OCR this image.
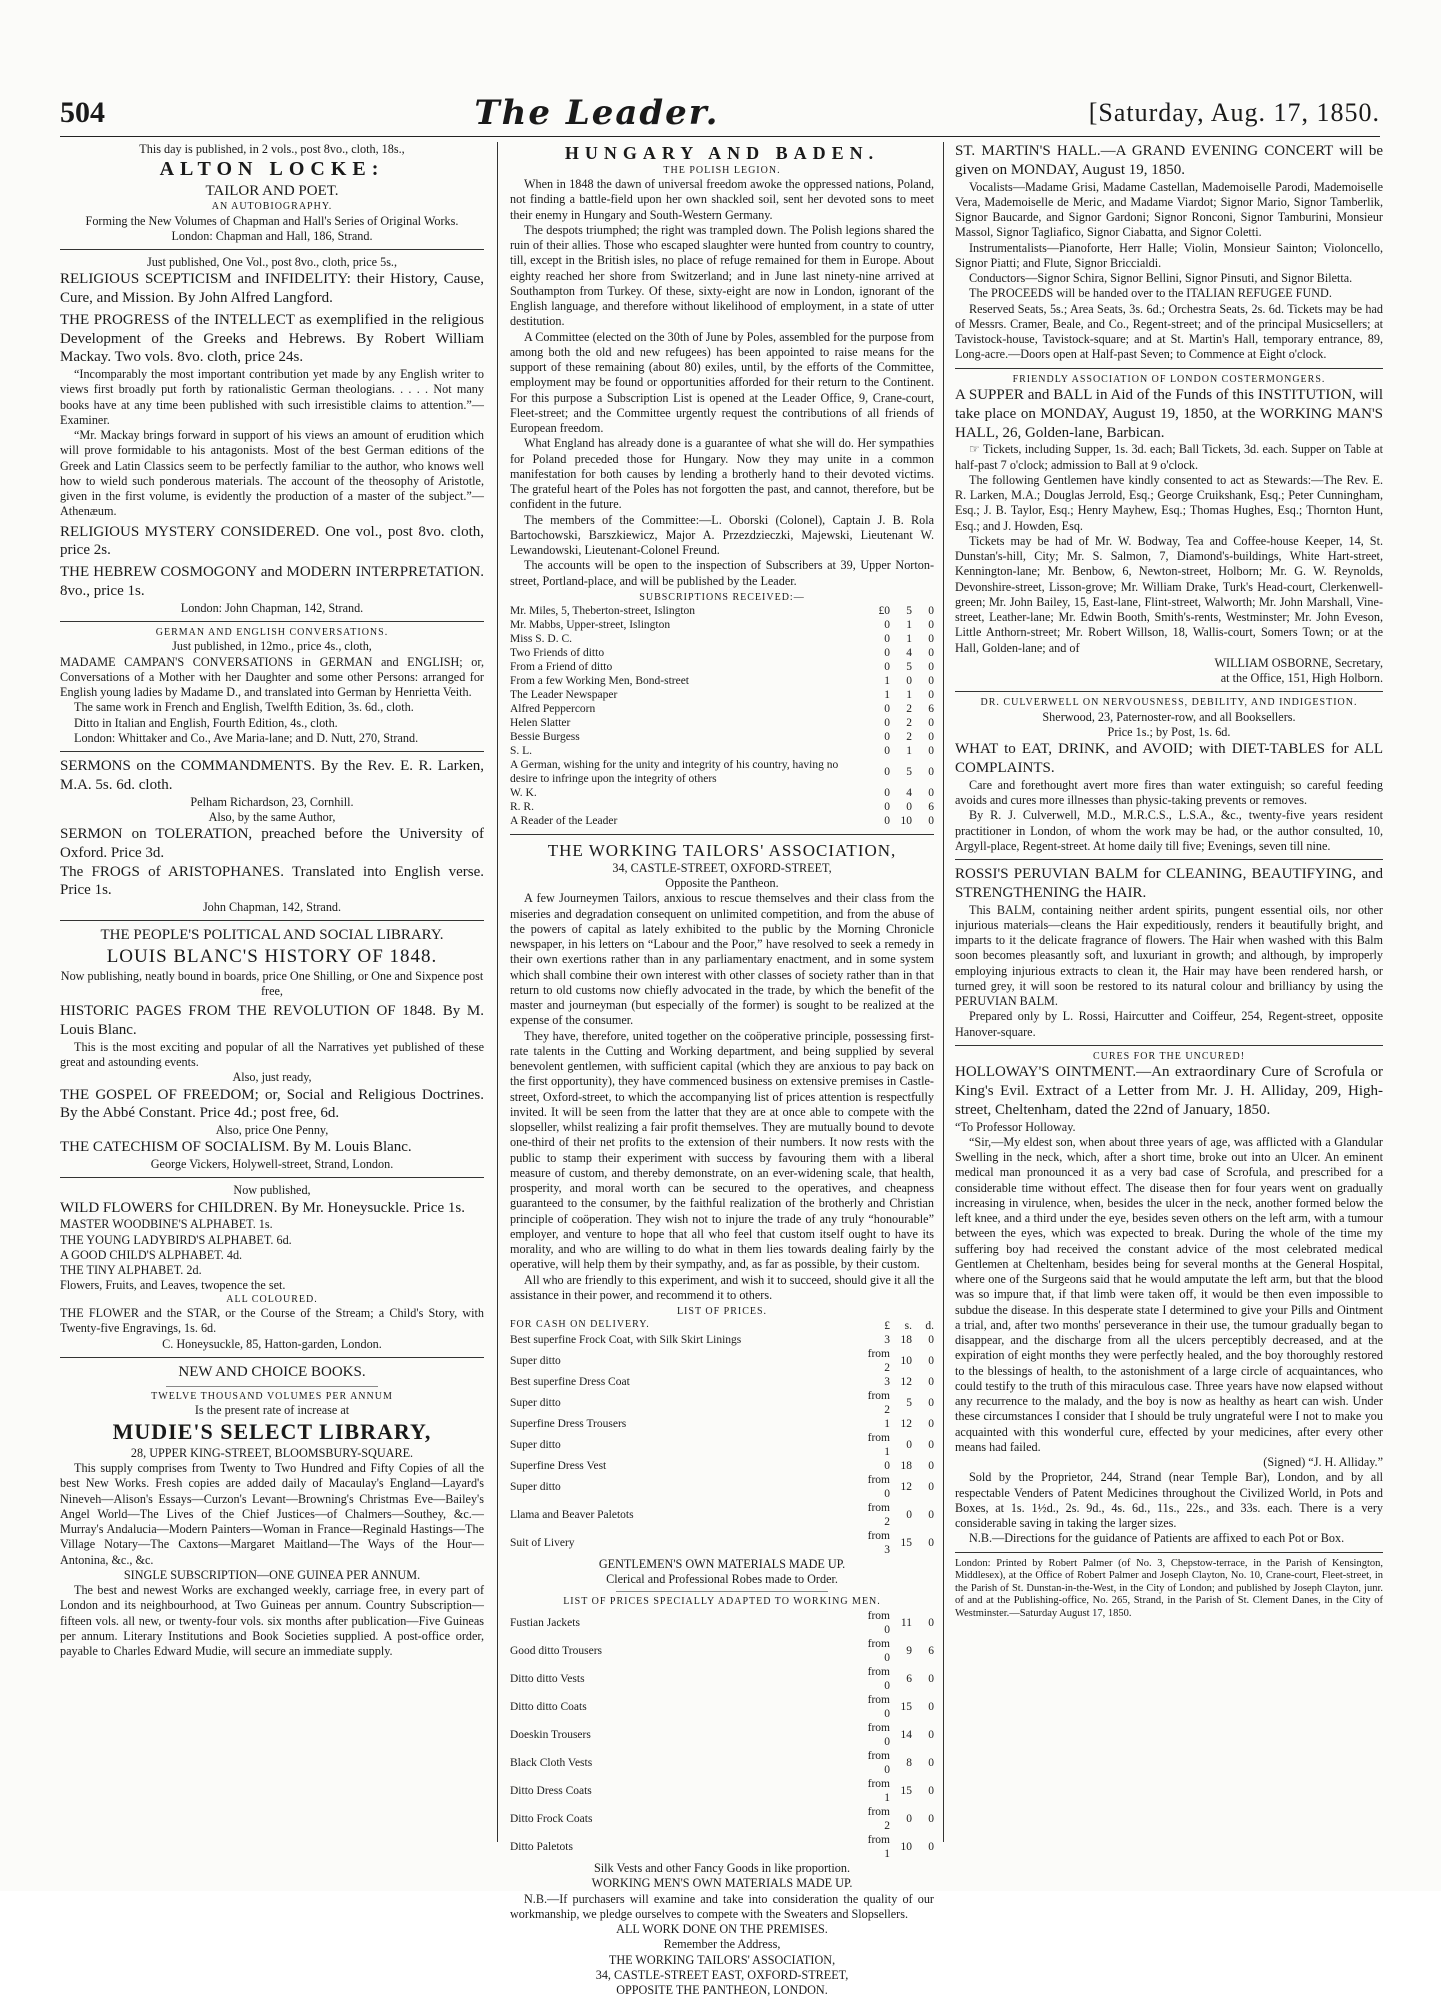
504	The Leader.	[Saturday, Aug. 17, 1850.

This day is published, in 2 vols., post 8vo., cloth, 18s.,

ALTON LOCKE:

TAILOR AND POET.

AN AUTOBIOGRAPHY.

Forming the New Volumes of Chapman and Hall's Series of Original Works.

London: Chapman and Hall, 186, Strand.

Just published, One Vol., post 8vo., cloth, price 5s.,

RELIGIOUS SCEPTICISM and INFIDELITY: their History, Cause, Cure, and Mission. By John Alfred Langford.

THE PROGRESS of the INTELLECT as exemplified in the religious Development of the Greeks and Hebrews. By Robert William Mackay. Two vols. 8vo. cloth, price 24s.

“Incomparably the most important contribution yet made by any English writer to views first broadly put forth by rationalistic German theologians. . . . . Not many books have at any time been published with such irresistible claims to attention.”—Examiner.

“Mr. Mackay brings forward in support of his views an amount of erudition which will prove formidable to his antagonists. Most of the best German editions of the Greek and Latin Classics seem to be perfectly familiar to the author, who knows well how to wield such ponderous materials. The account of the theosophy of Aristotle, given in the first volume, is evidently the production of a master of the subject.”—Athenæum.

RELIGIOUS MYSTERY CONSIDERED. One vol., post 8vo. cloth, price 2s.

THE HEBREW COSMOGONY and MODERN INTERPRETATION. 8vo., price 1s.

London: John Chapman, 142, Strand.

GERMAN AND ENGLISH CONVERSATIONS.

Just published, in 12mo., price 4s., cloth,

MADAME CAMPAN'S CONVERSATIONS in GERMAN and ENGLISH; or, Conversations of a Mother with her Daughter and some other Persons: arranged for English young ladies by Madame D., and translated into German by Henrietta Veith.

The same work in French and English, Twelfth Edition, 3s. 6d., cloth.

Ditto in Italian and English, Fourth Edition, 4s., cloth.

London: Whittaker and Co., Ave Maria-lane; and D. Nutt, 270, Strand.

SERMONS on the COMMANDMENTS. By the Rev. E. R. Larken, M.A. 5s. 6d. cloth.

Pelham Richardson, 23, Cornhill.

Also, by the same Author,

SERMON on TOLERATION, preached before the University of Oxford. Price 3d.

The FROGS of ARISTOPHANES. Translated into English verse. Price 1s.

John Chapman, 142, Strand.

THE PEOPLE'S POLITICAL AND SOCIAL LIBRARY.

LOUIS BLANC'S HISTORY OF 1848.

Now publishing, neatly bound in boards, price One Shilling, or One and Sixpence post free,

HISTORIC PAGES FROM THE REVOLUTION OF 1848. By M. Louis Blanc.

This is the most exciting and popular of all the Narratives yet published of these great and astounding events.

Also, just ready,

THE GOSPEL OF FREEDOM; or, Social and Religious Doctrines. By the Abbé Constant. Price 4d.; post free, 6d.

Also, price One Penny,

THE CATECHISM OF SOCIALISM. By M. Louis Blanc.

George Vickers, Holywell-street, Strand, London.

Now published,

WILD FLOWERS for CHILDREN. By Mr. Honeysuckle. Price 1s.

MASTER WOODBINE'S ALPHABET. 1s.

THE YOUNG LADYBIRD'S ALPHABET. 6d.

A GOOD CHILD'S ALPHABET. 4d.

THE TINY ALPHABET. 2d.

Flowers, Fruits, and Leaves, twopence the set.

ALL COLOURED.

THE FLOWER and the STAR, or the Course of the Stream; a Child's Story, with Twenty-five Engravings, 1s. 6d.

C. Honeysuckle, 85, Hatton-garden, London.

NEW AND CHOICE BOOKS.

TWELVE THOUSAND VOLUMES PER ANNUM

Is the present rate of increase at

MUDIE'S SELECT LIBRARY,

28, UPPER KING-STREET, BLOOMSBURY-SQUARE.

This supply comprises from Twenty to Two Hundred and Fifty Copies of all the best New Works. Fresh copies are added daily of Macaulay's England—Layard's Nineveh—Alison's Essays—Curzon's Levant—Browning's Christmas Eve—Bailey's Angel World—The Lives of the Chief Justices—of Chalmers—Southey, &c.—Murray's Andalucia—Modern Painters—Woman in France—Reginald Hastings—The Village Notary—The Caxtons—Margaret Maitland—The Ways of the Hour—Antonina, &c., &c.

SINGLE SUBSCRIPTION—ONE GUINEA PER ANNUM.

The best and newest Works are exchanged weekly, carriage free, in every part of London and its neighbourhood, at Two Guineas per annum. Country Subscription—fifteen vols. all new, or twenty-four vols. six months after publication—Five Guineas per annum. Literary Institutions and Book Societies supplied. A post-office order, payable to Charles Edward Mudie, will secure an immediate supply.

HUNGARY AND BADEN.

THE POLISH LEGION.

When in 1848 the dawn of universal freedom awoke the oppressed nations, Poland, not finding a battle-field upon her own shackled soil, sent her devoted sons to meet their enemy in Hungary and South-Western Germany.

The despots triumphed; the right was trampled down. The Polish legions shared the ruin of their allies. Those who escaped slaughter were hunted from country to country, till, except in the British isles, no place of refuge remained for them in Europe. About eighty reached her shore from Switzerland; and in June last ninety-nine arrived at Southampton from Turkey. Of these, sixty-eight are now in London, ignorant of the English language, and therefore without likelihood of employment, in a state of utter destitution.

A Committee (elected on the 30th of June by Poles, assembled for the purpose from among both the old and new refugees) has been appointed to raise means for the support of these remaining (about 80) exiles, until, by the efforts of the Committee, employment may be found or opportunities afforded for their return to the Continent. For this purpose a Subscription List is opened at the Leader Office, 9, Crane-court, Fleet-street; and the Committee urgently request the contributions of all friends of European freedom.

What England has already done is a guarantee of what she will do. Her sympathies for Poland preceded those for Hungary. Now they may unite in a common manifestation for both causes by lending a brotherly hand to their devoted victims. The grateful heart of the Poles has not forgotten the past, and cannot, therefore, but be confident in the future.

The members of the Committee:—L. Oborski (Colonel), Captain J. B. Rola Bartochowski, Barszkiewicz, Major A. Przezdzieczki, Majewski, Lieutenant W. Lewandowski, Lieutenant-Colonel Freund.

The accounts will be open to the inspection of Subscribers at 39, Upper Norton-street, Portland-place, and will be published by the Leader.

SUBSCRIPTIONS RECEIVED:—

Mr. Miles, 5, Theberton-street, Islington	£0	5	0
Mr. Mabbs, Upper-street, Islington	0	1	0
Miss S. D. C.	0	1	0
Two Friends of ditto	0	4	0
From a Friend of ditto	0	5	0
From a few Working Men, Bond-street	1	0	0
The Leader Newspaper	1	1	0
Alfred Peppercorn	0	2	6
Helen Slatter	0	2	0
Bessie Burgess	0	2	0
S. L.	0	1	0
A German, wishing for the unity and integrity of his country, having no desire to infringe upon the integrity of others	0	5	0
W. K.	0	4	0
R. R.	0	0	6
A Reader of the Leader	0	10	0

THE WORKING TAILORS' ASSOCIATION,

34, CASTLE-STREET, OXFORD-STREET,

Opposite the Pantheon.

A few Journeymen Tailors, anxious to rescue themselves and their class from the miseries and degradation consequent on unlimited competition, and from the abuse of the powers of capital as lately exhibited to the public by the Morning Chronicle newspaper, in his letters on “Labour and the Poor,” have resolved to seek a remedy in their own exertions rather than in any parliamentary enactment, and in some system which shall combine their own interest with other classes of society rather than in that return to old customs now chiefly advocated in the trade, by which the benefit of the master and journeyman (but especially of the former) is sought to be realized at the expense of the consumer.

They have, therefore, united together on the coöperative principle, possessing first-rate talents in the Cutting and Working department, and being supplied by several benevolent gentlemen, with sufficient capital (which they are anxious to pay back on the first opportunity), they have commenced business on extensive premises in Castle-street, Oxford-street, to which the accompanying list of prices attention is respectfully invited. It will be seen from the latter that they are at once able to compete with the slopseller, whilst realizing a fair profit themselves. They are mutually bound to devote one-third of their net profits to the extension of their numbers. It now rests with the public to stamp their experiment with success by favouring them with a liberal measure of custom, and thereby demonstrate, on an ever-widening scale, that health, prosperity, and moral worth can be secured to the operatives, and cheapness guaranteed to the consumer, by the faithful realization of the brotherly and Christian principle of coöperation. They wish not to injure the trade of any truly “honourable” employer, and venture to hope that all who feel that custom itself ought to have its morality, and who are willing to do what in them lies towards dealing fairly by the operative, will help them by their sympathy, and, as far as possible, by their custom.

All who are friendly to this experiment, and wish it to succeed, should give it all the assistance in their power, and recommend it to others.

LIST OF PRICES.

FOR CASH ON DELIVERY.	£	s.	d.
Best superfine Frock Coat, with Silk Skirt Linings	3	18	0
Super ditto	from 2	10	0
Best superfine Dress Coat	3	12	0
Super ditto	from 2	5	0
Superfine Dress Trousers	1	12	0
Super ditto	from 1	0	0
Superfine Dress Vest	0	18	0
Super ditto	from 0	12	0
Llama and Beaver Paletots	from 2	0	0
Suit of Livery	from 3	15	0

GENTLEMEN'S OWN MATERIALS MADE UP.

Clerical and Professional Robes made to Order.

LIST OF PRICES SPECIALLY ADAPTED TO WORKING MEN.

Fustian Jackets	from 0	11	0
Good ditto Trousers	from 0	9	6
Ditto ditto Vests	from 0	6	0
Ditto ditto Coats	from 0	15	0
Doeskin Trousers	from 0	14	0
Black Cloth Vests	from 0	8	0
Ditto Dress Coats	from 1	15	0
Ditto Frock Coats	from 2	0	0
Ditto Paletots	from 1	10	0

Silk Vests and other Fancy Goods in like proportion.

WORKING MEN'S OWN MATERIALS MADE UP.

N.B.—If purchasers will examine and take into consideration the quality of our workmanship, we pledge ourselves to compete with the Sweaters and Slopsellers.

ALL WORK DONE ON THE PREMISES.

Remember the Address,

THE WORKING TAILORS' ASSOCIATION,

34, CASTLE-STREET EAST, OXFORD-STREET,

OPPOSITE THE PANTHEON, LONDON.

ST. MARTIN'S HALL.—A GRAND EVENING CONCERT will be given on MONDAY, August 19, 1850.

Vocalists—Madame Grisi, Madame Castellan, Mademoiselle Parodi, Mademoiselle Vera, Mademoiselle de Meric, and Madame Viardot; Signor Mario, Signor Tamberlik, Signor Baucarde, and Signor Gardoni; Signor Ronconi, Signor Tamburini, Monsieur Massol, Signor Tagliafico, Signor Ciabatta, and Signor Coletti.

Instrumentalists—Pianoforte, Herr Halle; Violin, Monsieur Sainton; Violoncello, Signor Piatti; and Flute, Signor Briccialdi.

Conductors—Signor Schira, Signor Bellini, Signor Pinsuti, and Signor Biletta.

The PROCEEDS will be handed over to the ITALIAN REFUGEE FUND.

Reserved Seats, 5s.; Area Seats, 3s. 6d.; Orchestra Seats, 2s. 6d. Tickets may be had of Messrs. Cramer, Beale, and Co., Regent-street; and of the principal Musicsellers; at Tavistock-house, Tavistock-square; and at St. Martin's Hall, temporary entrance, 89, Long-acre.—Doors open at Half-past Seven; to Commence at Eight o'clock.

FRIENDLY ASSOCIATION OF LONDON COSTERMONGERS.

A SUPPER and BALL in Aid of the Funds of this INSTITUTION, will take place on MONDAY, August 19, 1850, at the WORKING MAN'S HALL, 26, Golden-lane, Barbican.

☞ Tickets, including Supper, 1s. 3d. each; Ball Tickets, 3d. each. Supper on Table at half-past 7 o'clock; admission to Ball at 9 o'clock.

The following Gentlemen have kindly consented to act as Stewards:—The Rev. E. R. Larken, M.A.; Douglas Jerrold, Esq.; George Cruikshank, Esq.; Peter Cunningham, Esq.; J. B. Taylor, Esq.; Henry Mayhew, Esq.; Thomas Hughes, Esq.; Thornton Hunt, Esq.; and J. Howden, Esq.

Tickets may be had of Mr. W. Bodway, Tea and Coffee-house Keeper, 14, St. Dunstan's-hill, City; Mr. S. Salmon, 7, Diamond's-buildings, White Hart-street, Kennington-lane; Mr. Benbow, 6, Newton-street, Holborn; Mr. G. W. Reynolds, Devonshire-street, Lisson-grove; Mr. William Drake, Turk's Head-court, Clerkenwell-green; Mr. John Bailey, 15, East-lane, Flint-street, Walworth; Mr. John Marshall, Vine-street, Leather-lane; Mr. Edwin Booth, Smith's-rents, Westminster; Mr. John Eveson, Little Anthorn-street; Mr. Robert Willson, 18, Wallis-court, Somers Town; or at the Hall, Golden-lane; and of

WILLIAM OSBORNE, Secretary,

at the Office, 151, High Holborn.

DR. CULVERWELL ON NERVOUSNESS, DEBILITY, AND INDIGESTION.

Sherwood, 23, Paternoster-row, and all Booksellers.

Price 1s.; by Post, 1s. 6d.

WHAT to EAT, DRINK, and AVOID; with DIET-TABLES for ALL COMPLAINTS.

Care and forethought avert more fires than water extinguish; so careful feeding avoids and cures more illnesses than physic-taking prevents or removes.

By R. J. Culverwell, M.D., M.R.C.S., L.S.A., &c., twenty-five years resident practitioner in London, of whom the work may be had, or the author consulted, 10, Argyll-place, Regent-street. At home daily till five; Evenings, seven till nine.

ROSSI'S PERUVIAN BALM for CLEANING, BEAUTIFYING, and STRENGTHENING the HAIR.

This BALM, containing neither ardent spirits, pungent essential oils, nor other injurious materials—cleans the Hair expeditiously, renders it beautifully bright, and imparts to it the delicate fragrance of flowers. The Hair when washed with this Balm soon becomes pleasantly soft, and luxuriant in growth; and although, by improperly employing injurious extracts to clean it, the Hair may have been rendered harsh, or turned grey, it will soon be restored to its natural colour and brilliancy by using the PERUVIAN BALM.

Prepared only by L. Rossi, Haircutter and Coiffeur, 254, Regent-street, opposite Hanover-square.

CURES FOR THE UNCURED!

HOLLOWAY'S OINTMENT.—An extraordinary Cure of Scrofula or King's Evil. Extract of a Letter from Mr. J. H. Alliday, 209, High-street, Cheltenham, dated the 22nd of January, 1850.

“To Professor Holloway.

“Sir,—My eldest son, when about three years of age, was afflicted with a Glandular Swelling in the neck, which, after a short time, broke out into an Ulcer. An eminent medical man pronounced it as a very bad case of Scrofula, and prescribed for a considerable time without effect. The disease then for four years went on gradually increasing in virulence, when, besides the ulcer in the neck, another formed below the left knee, and a third under the eye, besides seven others on the left arm, with a tumour between the eyes, which was expected to break. During the whole of the time my suffering boy had received the constant advice of the most celebrated medical Gentlemen at Cheltenham, besides being for several months at the General Hospital, where one of the Surgeons said that he would amputate the left arm, but that the blood was so impure that, if that limb were taken off, it would be then even impossible to subdue the disease. In this desperate state I determined to give your Pills and Ointment a trial, and, after two months' perseverance in their use, the tumour gradually began to disappear, and the discharge from all the ulcers perceptibly decreased, and at the expiration of eight months they were perfectly healed, and the boy thoroughly restored to the blessings of health, to the astonishment of a large circle of acquaintances, who could testify to the truth of this miraculous case. Three years have now elapsed without any recurrence to the malady, and the boy is now as healthy as heart can wish. Under these circumstances I consider that I should be truly ungrateful were I not to make you acquainted with this wonderful cure, effected by your medicines, after every other means had failed.

(Signed) “J. H. Alliday.”

Sold by the Proprietor, 244, Strand (near Temple Bar), London, and by all respectable Venders of Patent Medicines throughout the Civilized World, in Pots and Boxes, at 1s. 1½d., 2s. 9d., 4s. 6d., 11s., 22s., and 33s. each. There is a very considerable saving in taking the larger sizes.

N.B.—Directions for the guidance of Patients are affixed to each Pot or Box.

London: Printed by Robert Palmer (of No. 3, Chepstow-terrace, in the Parish of Kensington, Middlesex), at the Office of Robert Palmer and Joseph Clayton, No. 10, Crane-court, Fleet-street, in the Parish of St. Dunstan-in-the-West, in the City of London; and published by Joseph Clayton, junr. of and at the Publishing-office, No. 265, Strand, in the Parish of St. Clement Danes, in the City of Westminster.—Saturday August 17, 1850.
